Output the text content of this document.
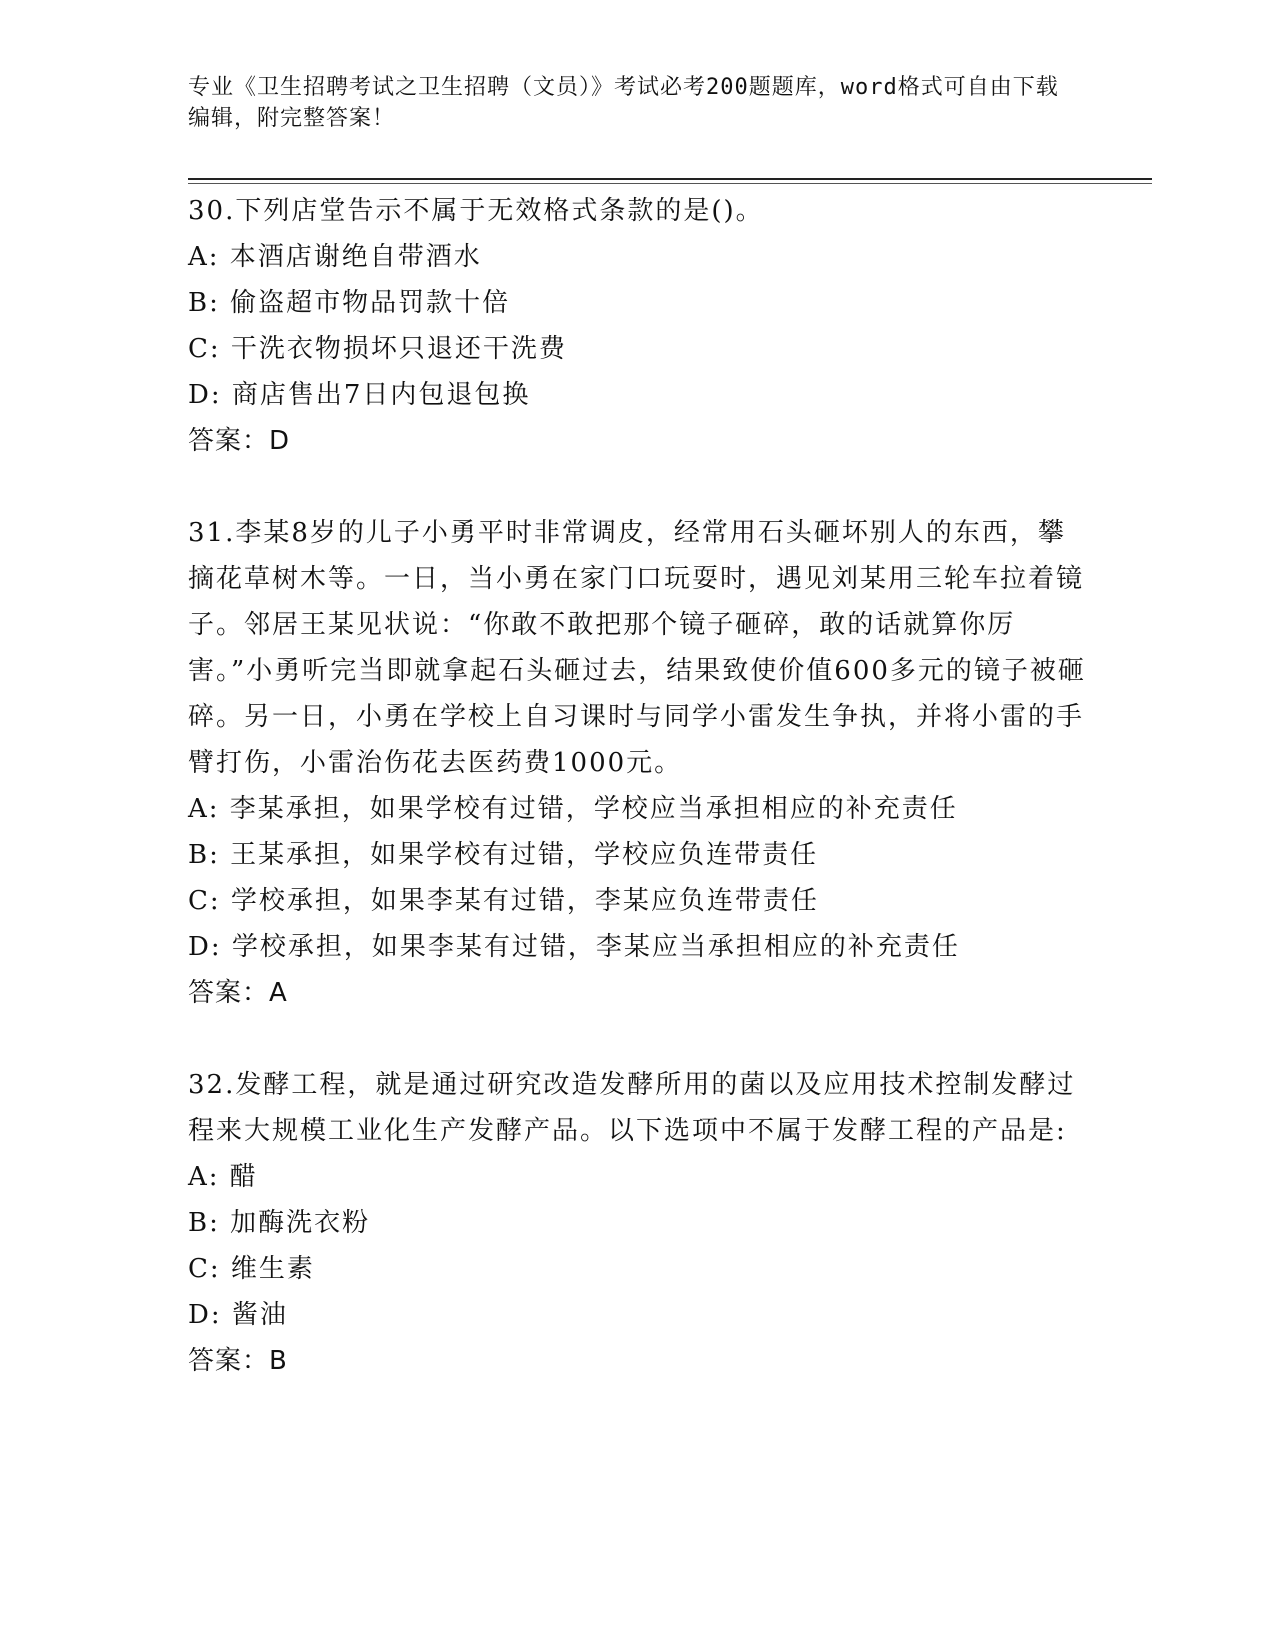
专业《卫生招聘考试之卫生招聘（文员）》考试必考200题题库，word格式可自由下载编辑，附完整答案！

30.下列店堂告示不属于无效格式条款的是()。

A: 本酒店谢绝自带酒水

B: 偷盗超市物品罚款十倍

C: 干洗衣物损坏只退还干洗费

D: 商店售出7日内包退包换

答案：D

31.李某8岁的儿子小勇平时非常调皮，经常用石头砸坏别人的东西，攀摘花草树木等。一日，当小勇在家门口玩耍时，遇见刘某用三轮车拉着镜子。邻居王某见状说：“你敢不敢把那个镜子砸碎，敢的话就算你厉害。”小勇听完当即就拿起石头砸过去，结果致使价值600多元的镜子被砸碎。另一日，小勇在学校上自习课时与同学小雷发生争执，并将小雷的手臂打伤，小雷治伤花去医药费1000元。

A: 李某承担，如果学校有过错，学校应当承担相应的补充责任

B: 王某承担，如果学校有过错，学校应负连带责任

C: 学校承担，如果李某有过错，李某应负连带责任

D: 学校承担，如果李某有过错，李某应当承担相应的补充责任

答案：A

32.发酵工程，就是通过研究改造发酵所用的菌以及应用技术控制发酵过程来大规模工业化生产发酵产品。以下选项中不属于发酵工程的产品是:

A: 醋

B: 加酶洗衣粉

C: 维生素

D: 酱油

答案：B
